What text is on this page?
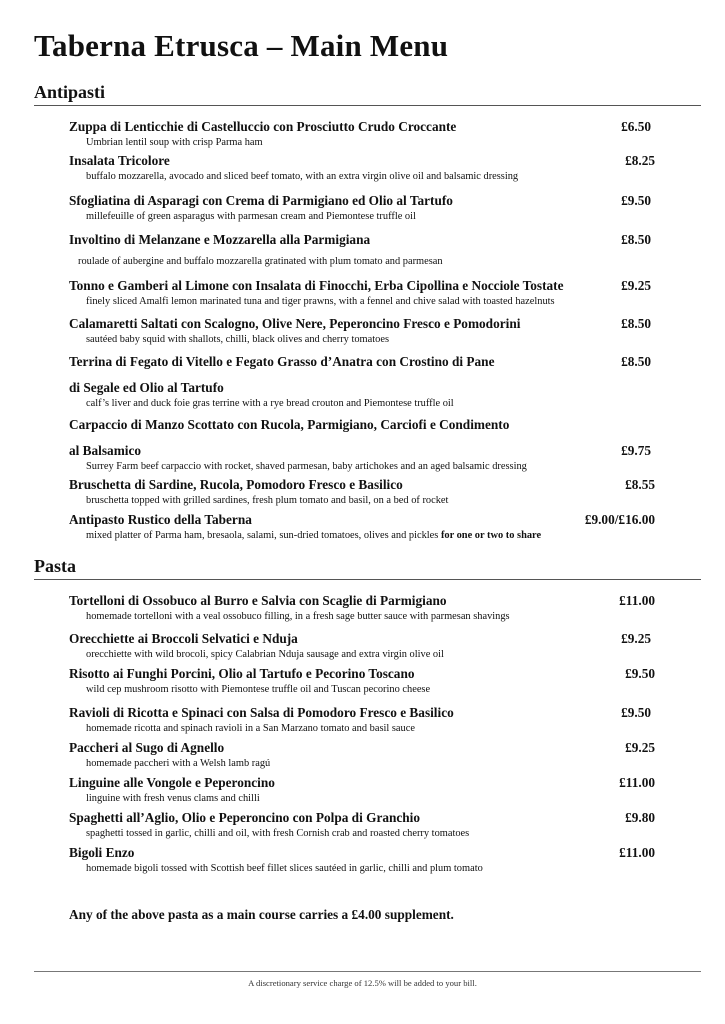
Taberna Etrusca – Main Menu
Antipasti
Zuppa di Lenticchie di Castelluccio con Prosciutto Crudo Croccante	£6.50
Umbrian lentil soup with crisp Parma ham
Insalata Tricolore	£8.25
buffalo mozzarella, avocado and sliced beef tomato, with an extra virgin olive oil and balsamic dressing
Sfogliatina di Asparagi con Crema di Parmigiano ed Olio al Tartufo	£9.50
millefeuille of green asparagus with parmesan cream and Piemontese truffle oil
Involtino di Melanzane e Mozzarella alla Parmigiana	£8.50
roulade of aubergine and buffalo mozzarella gratinated with plum tomato and parmesan
Tonno e Gamberi al Limone con Insalata di Finocchi, Erba Cipollina e Nocciole Tostate	£9.25
finely sliced Amalfi lemon marinated tuna and tiger prawns, with a fennel and chive salad with toasted hazelnuts
Calamaretti Saltati con Scalogno, Olive Nere, Peperoncino Fresco e Pomodorini	£8.50
sautéed baby squid with shallots, chilli, black olives and cherry tomatoes
Terrina di Fegato di Vitello e Fegato Grasso d’Anatra con Crostino di Pane	£8.50
di Segale ed Olio al Tartufo
calf’s liver and duck foie gras terrine with a rye bread crouton and Piemontese truffle oil
Carpaccio di Manzo Scottato con Rucola, Parmigiano, Carciofi e Condimento
al Balsamico	£9.75
Surrey Farm beef carpaccio with rocket, shaved parmesan, baby artichokes and an aged balsamic dressing
Bruschetta di Sardine, Rucola, Pomodoro Fresco e Basilico	£8.55
bruschetta topped with grilled sardines, fresh plum tomato and basil, on a bed of rocket
Antipasto Rustico della Taberna	£9.00/£16.00
mixed platter of Parma ham, bresaola, salami, sun-dried tomatoes, olives and pickles for one or two to share
Pasta
Tortelloni di Ossobuco al Burro e Salvia con Scaglie di Parmigiano	£11.00
homemade tortelloni with a veal ossobuco filling, in a fresh sage butter sauce with parmesan shavings
Orecchiette ai Broccoli Selvatici e Nduja	£9.25
orecchiette with wild brocoli, spicy Calabrian Nduja sausage and extra virgin olive oil
Risotto ai Funghi Porcini, Olio al Tartufo e Pecorino Toscano	£9.50
wild cep mushroom risotto with Piemontese truffle oil and Tuscan pecorino cheese
Ravioli di Ricotta e Spinaci con Salsa di Pomodoro Fresco e Basilico	£9.50
homemade ricotta and spinach ravioli in a San Marzano tomato and basil sauce
Paccheri al Sugo di Agnello	£9.25
homemade paccheri with a Welsh lamb ragú
Linguine alle Vongole e Peperoncino	£11.00
linguine with fresh venus clams and chilli
Spaghetti all’Aglio, Olio e Peperoncino con Polpa di Granchio	£9.80
spaghetti tossed in garlic, chilli and oil, with fresh Cornish crab and roasted cherry tomatoes
Bigoli Enzo	£11.00
homemade bigoli tossed with Scottish beef fillet slices sautéed in garlic, chilli and plum tomato

Any of the above pasta as a main course carries a £4.00 supplement.

A discretionary service charge of 12.5% will be added to your bill.
